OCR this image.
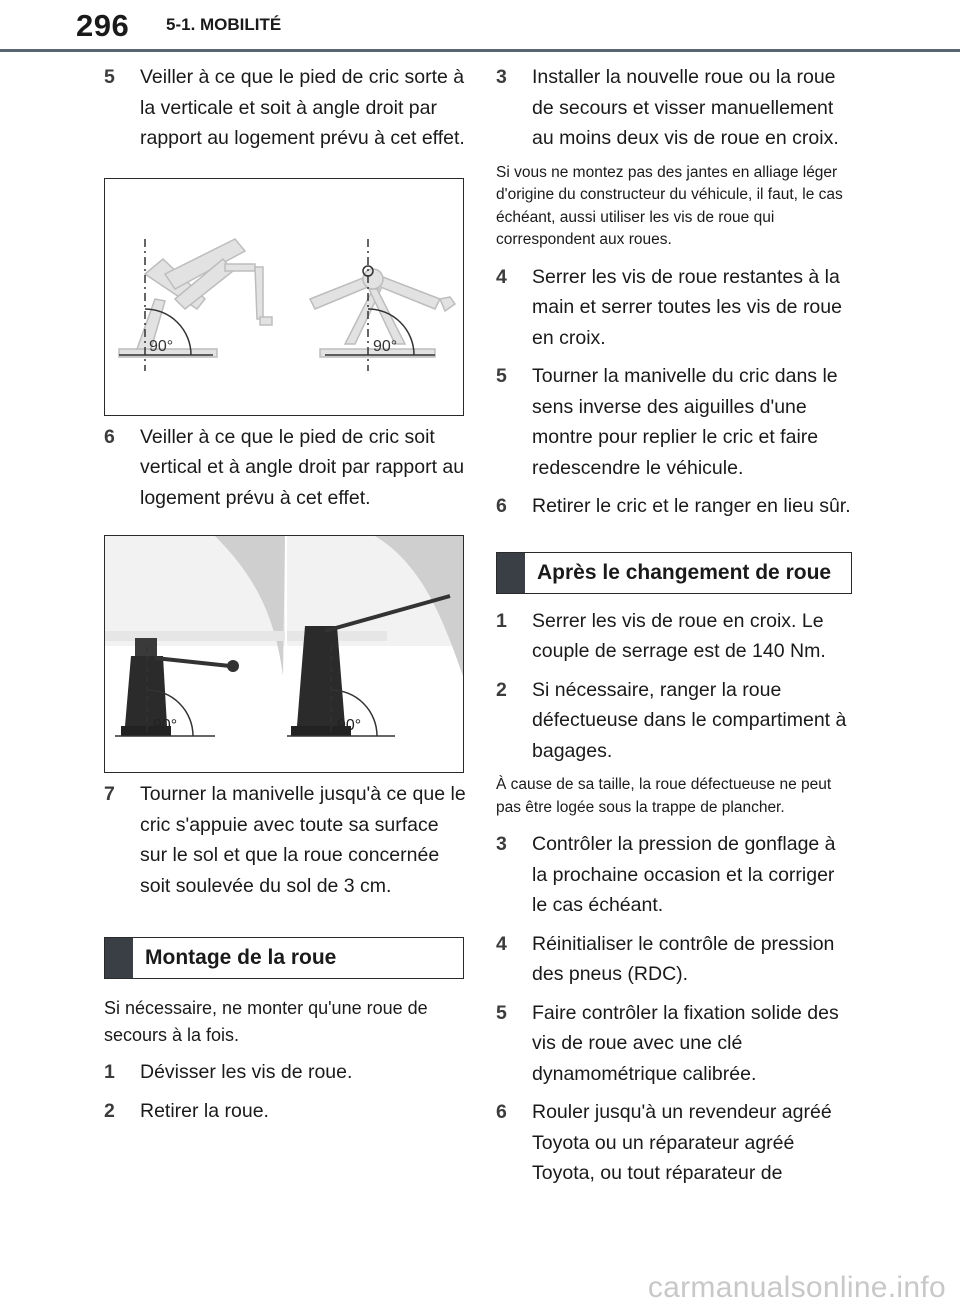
296 5-1. MOBILITÉ
5	Veiller à ce que le pied de cric sorte à la verticale et soit à angle droit par rapport au logement prévu à cet effet.
90°	90°
6	Veiller à ce que le pied de cric soit vertical et à angle droit par rapport au logement prévu à cet effet.
90°	90°
7	Tourner la manivelle jusqu'à ce que le cric s'appuie avec toute sa surface sur le sol et que la roue concernée soit soulevée du sol de 3 cm.
Montage de la roue

Si nécessaire, ne monter qu'une roue de secours à la fois.

1	Dévisser les vis de roue.
2	Retirer la roue.
3	Installer la nouvelle roue ou la roue de secours et visser manuellement au moins deux vis de roue en croix.

Si vous ne montez pas des jantes en alliage léger d'origine du constructeur du véhicule, il faut, le cas échéant, aussi utiliser les vis de roue qui correspondent aux roues.

4	Serrer les vis de roue restantes à la main et serrer toutes les vis de roue en croix.
5	Tourner la manivelle du cric dans le sens inverse des aiguilles d'une montre pour replier le cric et faire redescendre le véhicule.
6	Retirer le cric et le ranger en lieu sûr.
Après le changement de roue
1	Serrer les vis de roue en croix. Le couple de serrage est de 140 Nm.
2	Si nécessaire, ranger la roue défectueuse dans le compartiment à bagages.

À cause de sa taille, la roue défectueuse ne peut pas être logée sous la trappe de plancher.

3	Contrôler la pression de gonflage à la prochaine occasion et la corriger le cas échéant.
4	Réinitialiser le contrôle de pression des pneus (RDC).
5	Faire contrôler la fixation solide des vis de roue avec une clé dynamométrique calibrée.
6	Rouler jusqu'à un revendeur agréé Toyota ou un réparateur agréé Toyota, ou tout réparateur de
carmanualsonline.info
